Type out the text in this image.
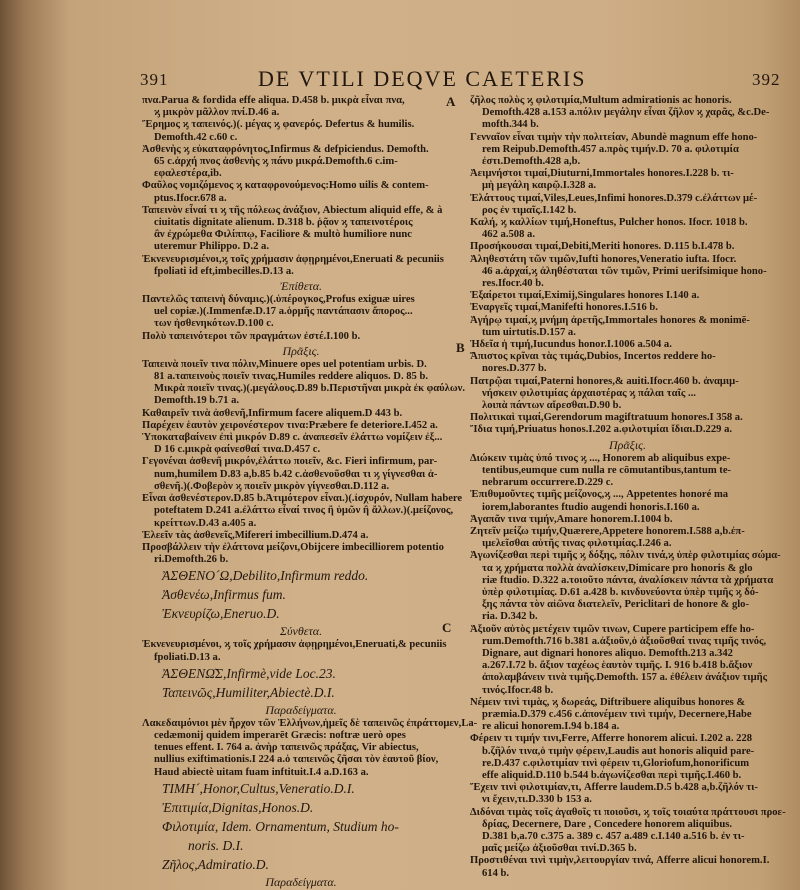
391	DE VTILI DEQVE CAETERIS	392
A
B
C
πνα.Parua & fordida effe aliqua. D.458 b. μικρὰ εἶναι πνα,
ϗ μικρὸν μᾶλλον πνί.D.46 a.
Ἔρημος ϗ ταπεινός.)(. μέγας ϗ φανερός. Defertus & humilis.
Demofth.42 c.60 c.
Ἀσθενὴς ϗ εὐκαταφρόνητος,Infirmus & defpiciendus. Demofth.
65 c.ἀρχή πνος ἀσθενὴς ϗ πάνυ μικρά.Demofth.6 c.im-
εφαλεστέρα,ib.
Φαῦλος νομιζόμενος ϗ καταφρονούμενος:Homo uilis & contem-
ptus.Ifocr.678 a.
Ταπεινὸν εἶναί τι ϗ τῆς πόλεως ἀνάξιον, Abiectum aliquid effe, & à
ciuitatis dignitate alienum. D.318 b. ῥᾷον ϗ ταπεινοτέροις
ἂν ἐχρώμεθα Φιλίππῳ, Faciliore & multò humiliore nunc
uteremur Philippo. D.2 a.
Ἐκνενευρισμένοι,ϗ τοῖς χρήμασιν ἀφῃρημένοι,Eneruati & pecuniis
fpoliati id eft,imbecilles.D.13 a.
Ἐπίθετα.
Παντελῶς ταπεινὴ δύναμις.)(.ὑπέρογκος,Profus exiguæ uires
uel copiæ.)(.Immenfæ.D.17 a.ὁρμῆς παντάπασιν ἄπορος...
των ἠσθενηκότων.D.100 c.
Πολὺ ταπεινότεροι τῶν πραγμάτων ἐστέ.I.100 b.
Πρᾶξις.
Ταπεινὰ ποιεῖν τινα πόλιν,Minuere opes uel potentiam urbis. D.
81 a.ταπεινοὺς ποιεῖν τινας,Humiles reddere aliquos. D. 85 b.
Μικρὰ ποιεῖν τινας.)(.μεγάλους.D.89 b.Περιστῆναι μικρὰ ἐκ φαύλων.
Demofth.19 b.71 a.
Καθαιρεῖν τινὰ ἀσθενῆ,Infirmum facere aliquem.D 443 b.
Παρέχειν ἑαυτὸν χειρονέστερον τινα:Præbere fe deteriore.I.452 a.
Ὑποκαταβαίνειν ἐπὶ μικρόν D.89 c. ἀναπεσεῖν ἐλάττω νομίζειν ἐξ...
D 16 c.μικρὰ φαίνεσθαί τινα.D.457 c.
Γεγονέναι ἀσθενῆ μικρόν,ἐλάττω ποιεῖν, &c. Fieri infirmum, par-
num,humilem D.83 a,b.85 b.42 c.ἀσθενοῦσθαι τι ϗ γίγνεσθαι ἀ-
σθενῆ.)(.Φοβερὸν ϗ ποιεῖν μικρὸν γίγνεσθαι.D.112 a.
Εἶναι ἀσθενέστερον.D.85 b.Ἀτιμότερον εἶναι.)(.ἰσχυρόν, Nullam habere
poteftatem D.241 a.ἐλάττω εἶναί τινος ἢ ὑμῶν ἢ ἄλλων.)(.μείζονος,
κρείττων.D.43 a.405 a.
Ἐλεεῖν τὰς ἀσθενεῖς,Mifereri imbecillium.D.474 a.
Προσβάλλειν τὴν ἐλάττονα μείζονι,Obijcere imbecilliorem potentio
ri.Demofth.26 b.
ἈΣΘΕΝΟ´Ω,Debilito,Infirmum reddo.
Ἀσθενέω,Infirmus fum.
Ἐκνευρίζω,Eneruo.D.
Σύνθετα.
Ἐκνενευρισμένοι, ϗ τοῖς χρήμασιν ἀφῃρημένοι,Eneruati,& pecuniis
fpoliati.D.13 a.
ἈΣΘΕΝΩ͂Σ,Infirmè,vide Loc.23.
Ταπεινῶς,Humiliter,Abiectè.D.I.
Παραδείγματα.
Λακεδαιμόνιοι μὲν ἦρχον τῶν Ἑλλήνων,ἡμεῖς δὲ ταπεινῶς ἐπράττομεν,La-
cedæmonij quidem imperarēt Græcis: noftræ uerò opes
tenues effent. I. 764 a. ἀνὴρ ταπεινῶς πράξας, Vir abiectus,
nullius exiftimationis.I 224 a.ὁ ταπεινῶς ζῆσαι τὸν ἑαυτοῦ βίον,
Haud abiectè uitam fuam inftituit.I.4 a.D.163 a.
ΤΙΜΗ´,Honor,Cultus,Veneratio.D.I.
Ἐπιτιμία,Dignitas,Honos.D.
Φιλοτιμία, Idem. Ornamentum, Studium ho-
noris. D.I.
Ζῆλος,Admiratio.D.
Παραδείγματα.
ζῆλος πολὺς ϗ φιλοτιμία,Multum admirationis ac honoris.
Demofth.428 a.153 a.πόλιν μεγάλην εἶναι ζῆλον ϗ χαρᾶς, &c.De-
mofth.344 b.
Γενναῖον εἶναι τιμὴν τὴν πολιτείαν, Abundè magnum effe hono-
rem Reipub.Demofth.457 a.πρὸς τιμήν.D. 70 a. φιλοτιμία
ἐστι.Demofth.428 a,b.
Ἀειμνήστοι τιμαί,Diuturni,Immortales honores.I.228 b. τι-
μὴ μεγάλη καιρῷ.I.328 a.
Ἐλάττους τιμαί,Viles,Leues,Infimi honores.D.379 c.ἐλάττων μέ-
ρος ἐν τιμαῖς.I.142 b.
Καλή, ϗ καλλίων τιμή,Honeftus, Pulcher honos. Ifocr. 1018 b.
462 a.508 a.
Προσήκουσαι τιμαί,Debiti,Meriti honores. D.115 b.I.478 b.
Ἀληθεστάτη τῶν τιμῶν,Iufti honores,Veneratio iufta. Ifocr.
46 a.ἀρχαί,ϗ ἀληθέσταται τῶν τιμῶν, Primi uerifsimique hono-
res.Ifocr.40 b.
Ἐξαίρετοι τιμαί,Eximij,Singulares honores I.140 a.
Ἐναργεῖς τιμαί,Manifefti honores.I.516 b.
Ἀγήρῳ τιμαί,ϗ μνήμη ἀρετῆς,Immortales honores & monimē-
tum uirtutis.D.157 a.
Ἡδεῖα ἡ τιμή,Iucundus honor.I.1006 a.504 a.
Ἄπιστος κρῖναι τὰς τιμάς,Dubios, Incertos reddere ho-
nores.D.377 b.
Πατρῷαι τιμαί,Paterni honores,& auiti.Ifocr.460 b. ἀναμιμ-
νήσκειν φιλοτιμίας ἀρχαιοτέρας ϗ πάλαι ταῖς ...
λοιπὰ πάντων αἴρεσθαι.D.90 b.
Πολιτικαὶ τιμαί,Gerendorum magiftratuum honores.I 358 a.
Ἴδια τιμή,Priuatus honos.I.202 a.φιλοτιμίαι ἴδιαι.D.229 a.
Πρᾶξις.
Διώκειν τιμὰς ὑπό τινος ϗ ..., Honorem ab aliquibus expe-
tentibus,eumque cum nulla re cōmutantibus,tantum te-
nebrarum occurrere.D.229 c.
Ἐπιθυμοῦντες τιμῆς μείζονος,ϗ ..., Appetentes honoré ma
iorem,laborantes ftudio augendi honoris.I.160 a.
Ἀγαπᾶν τινα τιμήν,Amare honorem.I.1004 b.
Ζητεῖν μείζω τιμήν,Quærere,Appetere honorem.I.588 a,b.ἐπ-
ιμελεῖσθαι αὐτῆς τινας φιλοτιμίας.I.246 a.
Ἀγωνίζεσθαι περὶ τιμῆς ϗ δόξης, πόλιν τινά,ϗ ὑπὲρ φιλοτιμίας σώμα-
τα ϗ χρήματα πολλὰ ἀναλίσκειν,Dimicare pro honoris & glo
riæ ftudio. D.322 a.τοιοῦτο πάντα, ἀναλίσκειν πάντα τὰ χρήματα
ὑπὲρ φιλοτιμίας. D.61 a.428 b. κινδυνεύοντα ὑπὲρ τιμῆς ϗ δό-
ξης πάντα τὸν αἰῶνα διατελεῖν, Periclitari de honore & glo-
ria. D.342 b.
Ἀξιοῦν αὐτὸς μετέχειν τιμῶν τινων, Cupere participem effe ho-
rum.Demofth.716 b.381 a.ἀξιοῦν,ὁ ἀξιοῦσθαί τινας τιμῆς τινός,
Dignare, aut dignari honores aliquo. Demofth.213 a.342
a.267.I.72 b. ἄξιον ταχέως ἑαυτὸν τιμῆς. I. 916 b.418 b.ἄξιον
ἀπολαμβάνειν τινὰ τιμῆς.Demofth. 157 a. ἐθέλειν ἀνάξιον τιμῆς
τινός.Ifocr.48 b.
Νέμειν τινὶ τιμὰς, ϗ δωρεάς, Diftribuere aliquibus honores &
præmia.D.379 c.456 c.ἀπονέμειν τινὶ τιμήν, Decernere,Habe
re alicui honorem.I.94 b.184 a.
Φέρειν τι τιμήν τινι,Ferre, Afferre honorem alicui. I.202 a. 228
b.ζῆλόν τινα,ὁ τιμὴν φέρειν,Laudis aut honoris aliquid pare-
re.D.437 c.φιλοτιμίαν τινὶ φέρειν τι,Gloriofum,honorificum
effe aliquid.D.110 b.544 b.ἀγωνίζεσθαι περὶ τιμῆς.I.460 b.
Ἔχειν τινὶ φιλοτιμίαν,τι, Afferre laudem.D.5 b.428 a,b.ζῆλόν τι-
νι ἔχειν,τι.D.330 b 153 a.
Διδόναι τιμὰς τοῖς ἀγαθοῖς τι ποιοῦσι, ϗ τοῖς τοιαύτα πράττουσι προε-
δρίας, Decernere, Dare , Concedere honorem aliquibus.
D.381 b,a.70 c.375 a. 389 c. 457 a.489 c.I.140 a.516 b. ἐν τι-
μαῖς μείζω ἀξιοῦσθαι τινί.D.365 b.
Προστιθέναι τινὶ τιμὴν,λειτουργίαν τινά, Afferre alicui honorem.I.
614 b.
